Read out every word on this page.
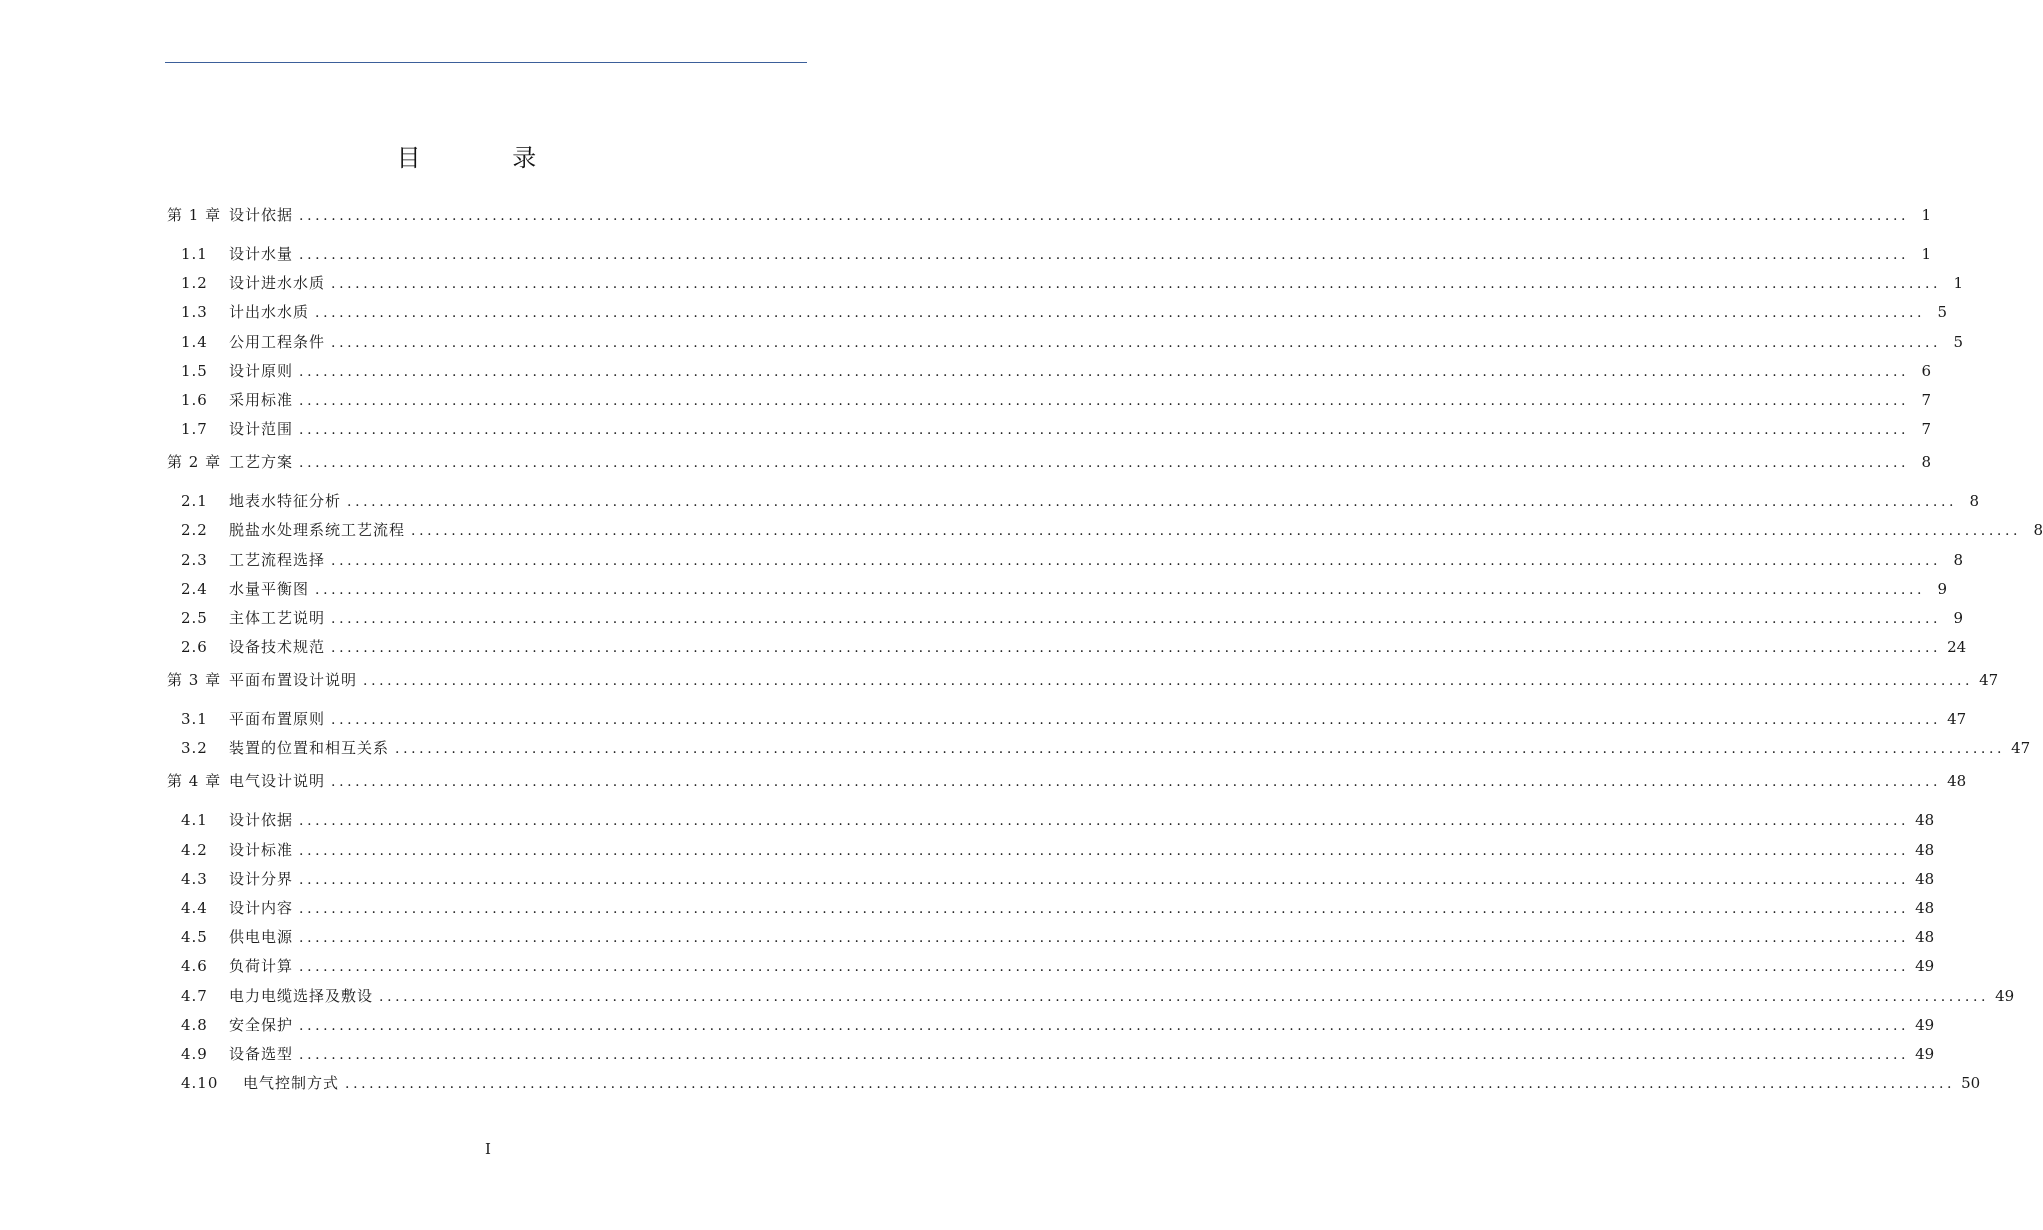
目 录
第 1 章 设计依据 ........................................................................................................................................................................................................ 1
1.1	设计水量 ........................................................................................................................................................................................................ 1
1.2	设计进水水质 ........................................................................................................................................................................................................ 1
1.3	计出水水质 ........................................................................................................................................................................................................ 5
1.4	公用工程条件 ........................................................................................................................................................................................................ 5
1.5	设计原则 ........................................................................................................................................................................................................ 6
1.6	采用标准 ........................................................................................................................................................................................................ 7
1.7	设计范围 ........................................................................................................................................................................................................ 7
第 2 章 工艺方案 ........................................................................................................................................................................................................ 8
2.1	地表水特征分析 ........................................................................................................................................................................................................ 8
2.2	脱盐水处理系统工艺流程 ........................................................................................................................................................................................................ 8
2.3	工艺流程选择 ........................................................................................................................................................................................................ 8
2.4	水量平衡图 ........................................................................................................................................................................................................ 9
2.5	主体工艺说明 ........................................................................................................................................................................................................ 9
2.6	设备技术规范 ........................................................................................................................................................................................................ 24
第 3 章 平面布置设计说明 ........................................................................................................................................................................................................ 47
3.1	平面布置原则 ........................................................................................................................................................................................................ 47
3.2	装置的位置和相互关系 ........................................................................................................................................................................................................ 47
第 4 章 电气设计说明 ........................................................................................................................................................................................................ 48
4.1	设计依据 ........................................................................................................................................................................................................ 48
4.2	设计标准 ........................................................................................................................................................................................................ 48
4.3	设计分界 ........................................................................................................................................................................................................ 48
4.4	设计内容 ........................................................................................................................................................................................................ 48
4.5	供电电源 ........................................................................................................................................................................................................ 48
4.6	负荷计算 ........................................................................................................................................................................................................ 49
4.7	电力电缆选择及敷设 ........................................................................................................................................................................................................ 49
4.8	安全保护 ........................................................................................................................................................................................................ 49
4.9	设备选型 ........................................................................................................................................................................................................ 49
4.10	电气控制方式 ........................................................................................................................................................................................................ 50
I
